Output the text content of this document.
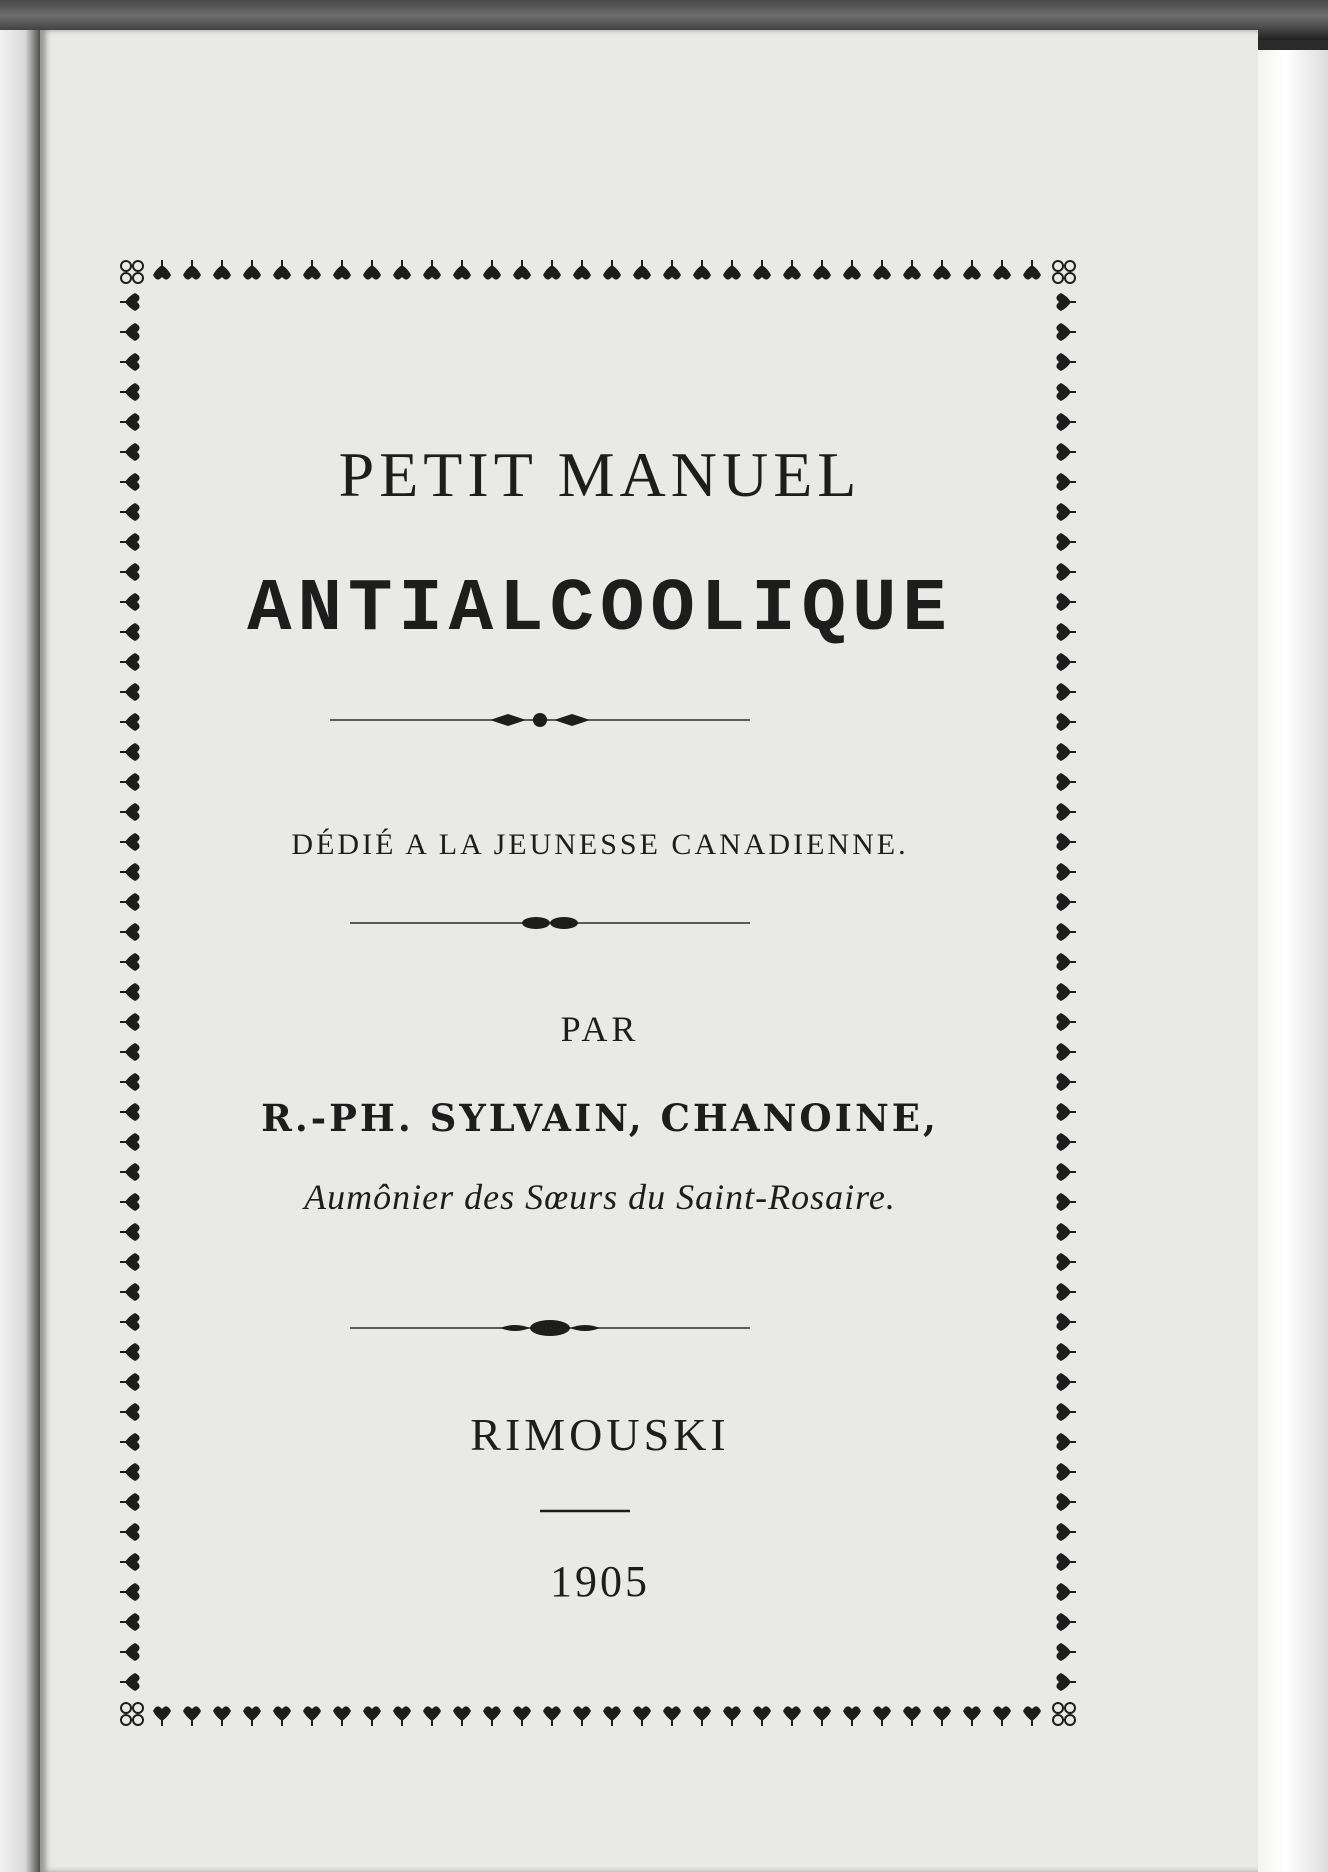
PETIT MANUEL
ANTIALCOOLIQUE
DÉDIÉ A LA JEUNESSE CANADIENNE.
PAR
R.-PH. SYLVAIN, CHANOINE,
Aumônier des Sœurs du Saint-Rosaire.
RIMOUSKI
1905
